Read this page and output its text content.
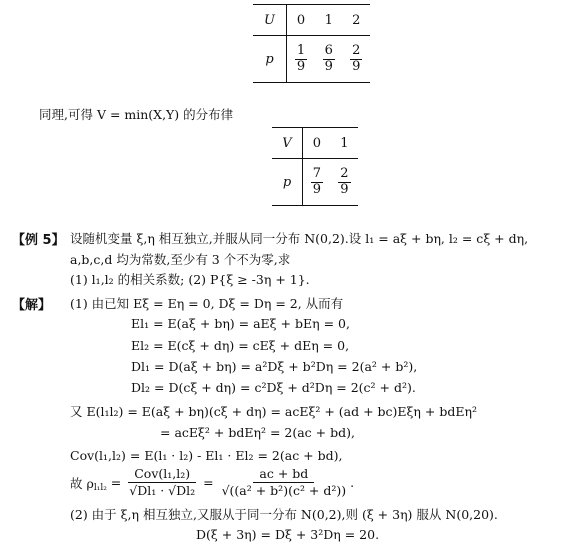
U	0	1	2
p	$\frac{1}{9}$	$\frac{6}{9}$	$\frac{2}{9}$
同理,可得 V = min(X,Y) 的分布律
V	0	1
p	$\frac{7}{9}$	$\frac{2}{9}$
【例 5】 设随机变量 ξ,η 相互独立,并服从同一分布 N(0,2).设 l₁ = aξ + bη, l₂ = cξ + dη,
a,b,c,d 均为常数,至少有 3 个不为零,求
(1) l₁,l₂ 的相关系数; (2) P{ξ ≥ -3η + 1}.
【解】 (1) 由已知 Eξ = Eη = 0, Dξ = Dη = 2, 从而有
El₁ = E(aξ + bη) = aEξ + bEη = 0,
El₂ = E(cξ + dη) = cEξ + dEη = 0,
Dl₁ = D(aξ + bη) = a²Dξ + b²Dη = 2(a² + b²),
Dl₂ = D(cξ + dη) = c²Dξ + d²Dη = 2(c² + d²).
又 E(l₁l₂) = E(aξ + bη)(cξ + dη) = acEξ² + (ad + bc)Eξη + bdEη²
= acEξ² + bdEη² = 2(ac + bd),
Cov(l₁,l₂) = E(l₁ · l₂) - El₁ · El₂ = 2(ac + bd),
故 ρ $l_1l_2 = \frac{\text{Cov(l₁,l₂)}}{\text{√Dl₁ · √Dl₂}} = \frac{ac + bd}{\text{√((a² + b²)(c² + d²))}}$ .
(2) 由于 ξ,η 相互独立,又服从于同一分布 N(0,2),则 (ξ + 3η) 服从 N(0,20).
D(ξ + 3η) = Dξ + 3²Dη = 20.
